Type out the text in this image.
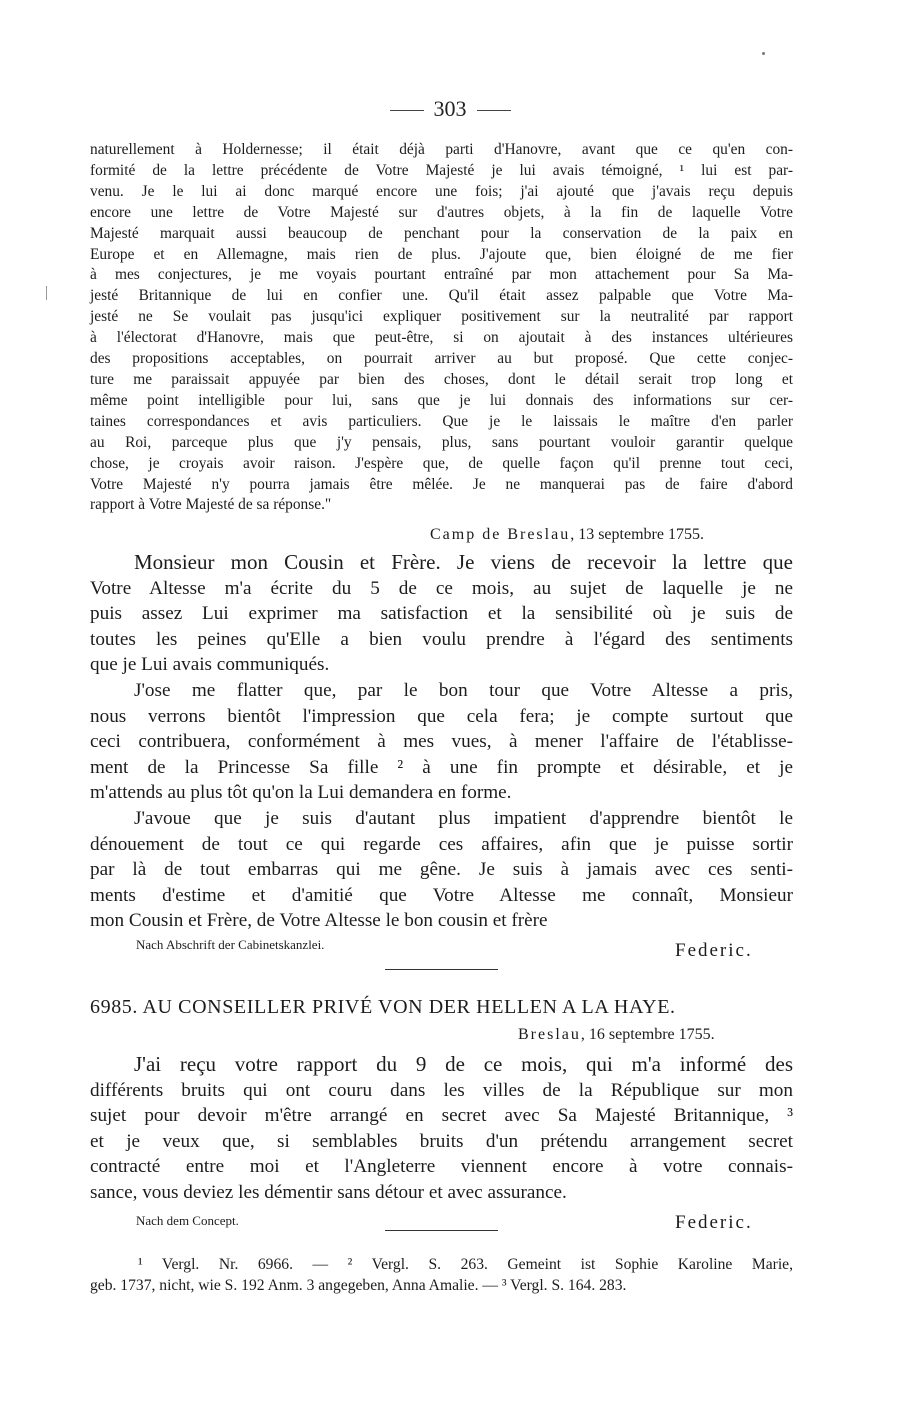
303
naturellement à Holdernesse; il était déjà parti d'Hanovre, avant que ce qu'en con-
formité de la lettre précédente de Votre Majesté je lui avais témoigné, ¹ lui est par-
venu. Je le lui ai donc marqué encore une fois; j'ai ajouté que j'avais reçu depuis
encore une lettre de Votre Majesté sur d'autres objets, à la fin de laquelle Votre
Majesté marquait aussi beaucoup de penchant pour la conservation de la paix en
Europe et en Allemagne, mais rien de plus. J'ajoute que, bien éloigné de me fier
à mes conjectures, je me voyais pourtant entraîné par mon attachement pour Sa Ma-
jesté Britannique de lui en confier une. Qu'il était assez palpable que Votre Ma-
jesté ne Se voulait pas jusqu'ici expliquer positivement sur la neutralité par rapport
à l'électorat d'Hanovre, mais que peut-être, si on ajoutait à des instances ultérieures
des propositions acceptables, on pourrait arriver au but proposé. Que cette conjec-
ture me paraissait appuyée par bien des choses, dont le détail serait trop long et
même point intelligible pour lui, sans que je lui donnais des informations sur cer-
taines correspondances et avis particuliers. Que je le laissais le maître d'en parler
au Roi, parceque plus que j'y pensais, plus, sans pourtant vouloir garantir quelque
chose, je croyais avoir raison. J'espère que, de quelle façon qu'il prenne tout ceci,
Votre Majesté n'y pourra jamais être mêlée. Je ne manquerai pas de faire d'abord
rapport à Votre Majesté de sa réponse."
Camp de Breslau, 13 septembre 1755.
Monsieur mon Cousin et Frère. Je viens de recevoir la lettre que
Votre Altesse m'a écrite du 5 de ce mois, au sujet de laquelle je ne
puis assez Lui exprimer ma satisfaction et la sensibilité où je suis de
toutes les peines qu'Elle a bien voulu prendre à l'égard des sentiments
que je Lui avais communiqués.
J'ose me flatter que, par le bon tour que Votre Altesse a pris,
nous verrons bientôt l'impression que cela fera; je compte surtout que
ceci contribuera, conformément à mes vues, à mener l'affaire de l'établisse-
ment de la Princesse Sa fille ² à une fin prompte et désirable, et je
m'attends au plus tôt qu'on la Lui demandera en forme.
J'avoue que je suis d'autant plus impatient d'apprendre bientôt le
dénouement de tout ce qui regarde ces affaires, afin que je puisse sortir
par là de tout embarras qui me gêne. Je suis à jamais avec ces senti-
ments d'estime et d'amitié que Votre Altesse me connaît, Monsieur
mon Cousin et Frère, de Votre Altesse le bon cousin et frère
Nach Abschrift der Cabinetskanzlei.	Federic.
6985. AU CONSEILLER PRIVÉ VON DER HELLEN A LA HAYE.
Breslau, 16 septembre 1755.
J'ai reçu votre rapport du 9 de ce mois, qui m'a informé des
différents bruits qui ont couru dans les villes de la République sur mon
sujet pour devoir m'être arrangé en secret avec Sa Majesté Britannique, ³
et je veux que, si semblables bruits d'un prétendu arrangement secret
contracté entre moi et l'Angleterre viennent encore à votre connais-
sance, vous deviez les démentir sans détour et avec assurance.
Nach dem Concept.	Federic.
¹ Vergl. Nr. 6966. — ² Vergl. S. 263. Gemeint ist Sophie Karoline Marie,
geb. 1737, nicht, wie S. 192 Anm. 3 angegeben, Anna Amalie. — ³ Vergl. S. 164. 283.
